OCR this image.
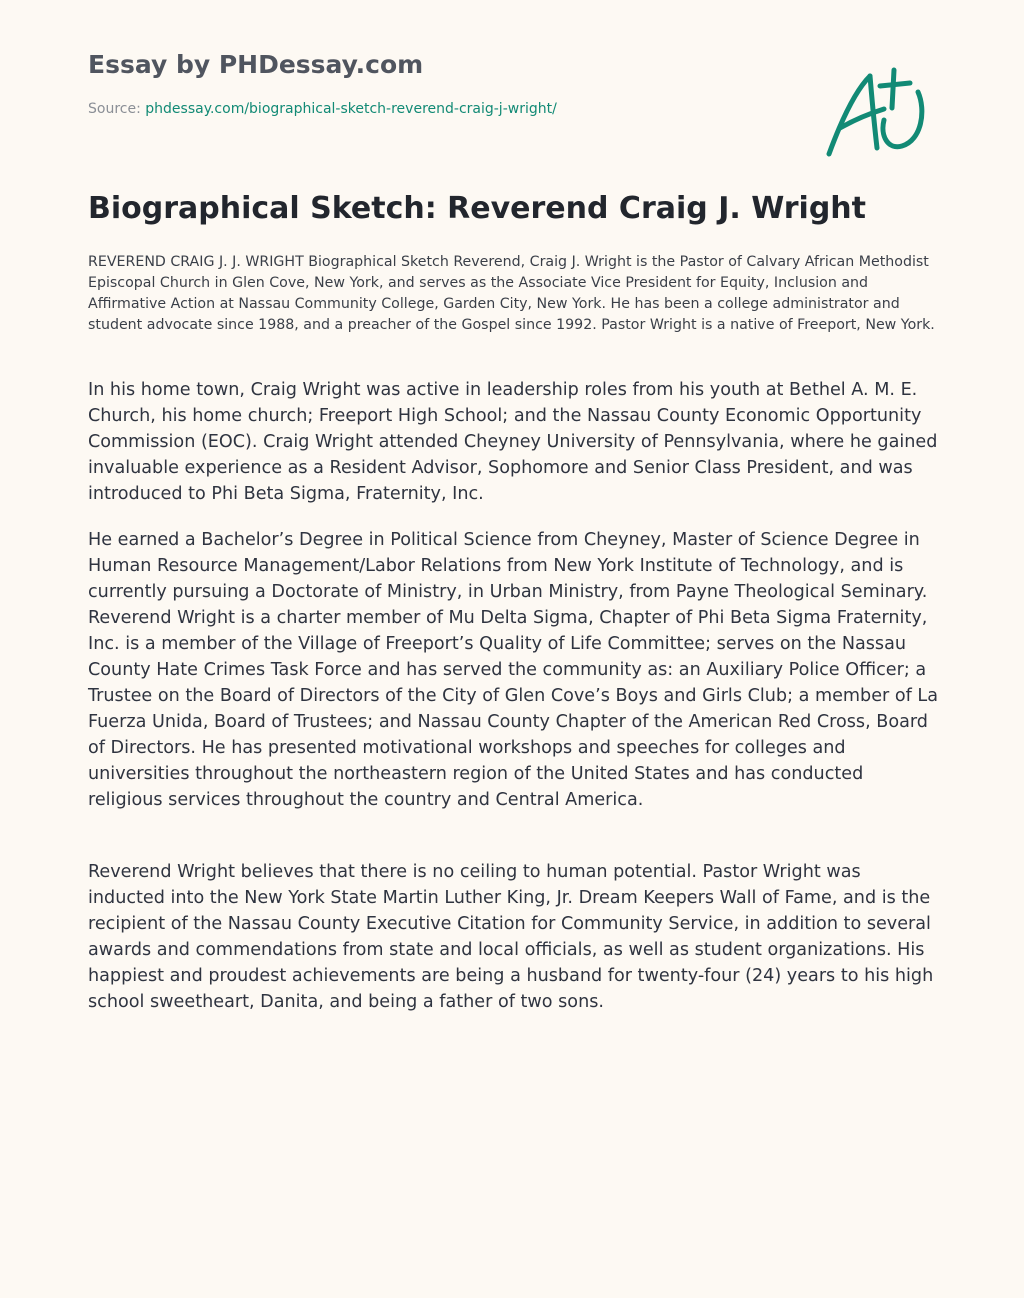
Essay by PHDessay.com
Source: phdessay.com/biographical-sketch-reverend-craig-j-wright/
Biographical Sketch: Reverend Craig J. Wright

REVEREND CRAIG J. J. WRIGHT Biographical Sketch Reverend, Craig J. Wright is the Pastor of Calvary African Methodist Episcopal Church in Glen Cove, New York, and serves as the Associate Vice President for Equity, Inclusion and Affirmative Action at Nassau Community College, Garden City, New York. He has been a college administrator and student advocate since 1988, and a preacher of the Gospel since 1992. Pastor Wright is a native of Freeport, New York.

In his home town, Craig Wright was active in leadership roles from his youth at Bethel A. M. E. Church, his home church; Freeport High School; and the Nassau County Economic Opportunity Commission (EOC). Craig Wright attended Cheyney University of Pennsylvania, where he gained invaluable experience as a Resident Advisor, Sophomore and Senior Class President, and was introduced to Phi Beta Sigma, Fraternity, Inc.

He earned a Bachelor’s Degree in Political Science from Cheyney, Master of Science Degree in Human Resource Management/Labor Relations from New York Institute of Technology, and is currently pursuing a Doctorate of Ministry, in Urban Ministry, from Payne Theological Seminary. Reverend Wright is a charter member of Mu Delta Sigma, Chapter of Phi Beta Sigma Fraternity, Inc. is a member of the Village of Freeport’s Quality of Life Committee; serves on the Nassau County Hate Crimes Task Force and has served the community as: an Auxiliary Police Officer; a Trustee on the Board of Directors of the City of Glen Cove’s Boys and Girls Club; a member of La Fuerza Unida, Board of Trustees; and Nassau County Chapter of the American Red Cross, Board of Directors. He has presented motivational workshops and speeches for colleges and universities throughout the northeastern region of the United States and has conducted religious services throughout the country and Central America.

Reverend Wright believes that there is no ceiling to human potential. Pastor Wright was inducted into the New York State Martin Luther King, Jr. Dream Keepers Wall of Fame, and is the recipient of the Nassau County Executive Citation for Community Service, in addition to several awards and commendations from state and local officials, as well as student organizations. His happiest and proudest achievements are being a husband for twenty-four (24) years to his high school sweetheart, Danita, and being a father of two sons.
